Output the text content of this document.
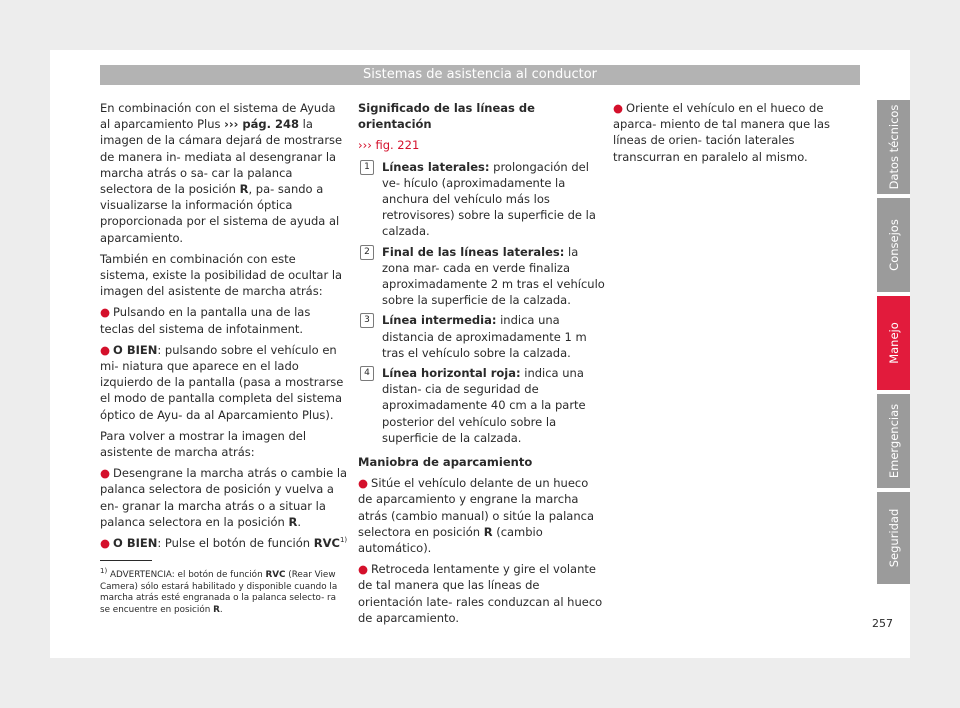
Sistemas de asistencia al conductor

En combinación con el sistema de Ayuda al aparcamiento Plus ››› pág. 248 la imagen de la cámara dejará de mostrarse de manera in- mediata al desengranar la marcha atrás o sa- car la palanca selectora de la posición R, pa- sando a visualizarse la información óptica proporcionada por el sistema de ayuda al aparcamiento.

También en combinación con este sistema, existe la posibilidad de ocultar la imagen del asistente de marcha atrás:

● Pulsando en la pantalla una de las teclas del sistema de infotainment.

● O BIEN: pulsando sobre el vehículo en mi- niatura que aparece en el lado izquierdo de la pantalla (pasa a mostrarse el modo de pantalla completa del sistema óptico de Ayu- da al Aparcamiento Plus).

Para volver a mostrar la imagen del asistente de marcha atrás:

● Desengrane la marcha atrás o cambie la palanca selectora de posición y vuelva a en- granar la marcha atrás o a situar la palanca selectora en la posición R.

● O BIEN: Pulse el botón de función RVC$^{1)}$

Significado de las líneas de orientación

››› fig. 221

1	Líneas laterales: prolongación del ve- hículo (aproximadamente la anchura del vehículo más los retrovisores) sobre la superficie de la calzada.
2	Final de las líneas laterales: la zona mar- cada en verde finaliza aproximadamente 2 m tras el vehículo sobre la superficie de la calzada.
3	Línea intermedia: indica una distancia de aproximadamente 1 m tras el vehículo sobre la calzada.
4	Línea horizontal roja: indica una distan- cia de seguridad de aproximadamente 40 cm a la parte posterior del vehículo sobre la superficie de la calzada.

Maniobra de aparcamiento

● Sitúe el vehículo delante de un hueco de aparcamiento y engrane la marcha atrás (cambio manual) o sitúe la palanca selectora en posición R (cambio automático).

● Retroceda lentamente y gire el volante de tal manera que las líneas de orientación late- rales conduzcan al hueco de aparcamiento.

● Oriente el vehículo en el hueco de aparca- miento de tal manera que las líneas de orien- tación laterales transcurran en paralelo al mismo.

$^{1)}$ ADVERTENCIA: el botón de función RVC (Rear View Camera) sólo estará habilitado y disponible cuando la marcha atrás esté engranada o la palanca selecto- ra se encuentre en posición R.
Datos técnicos
Consejos
Manejo
Emergencias
Seguridad
257
